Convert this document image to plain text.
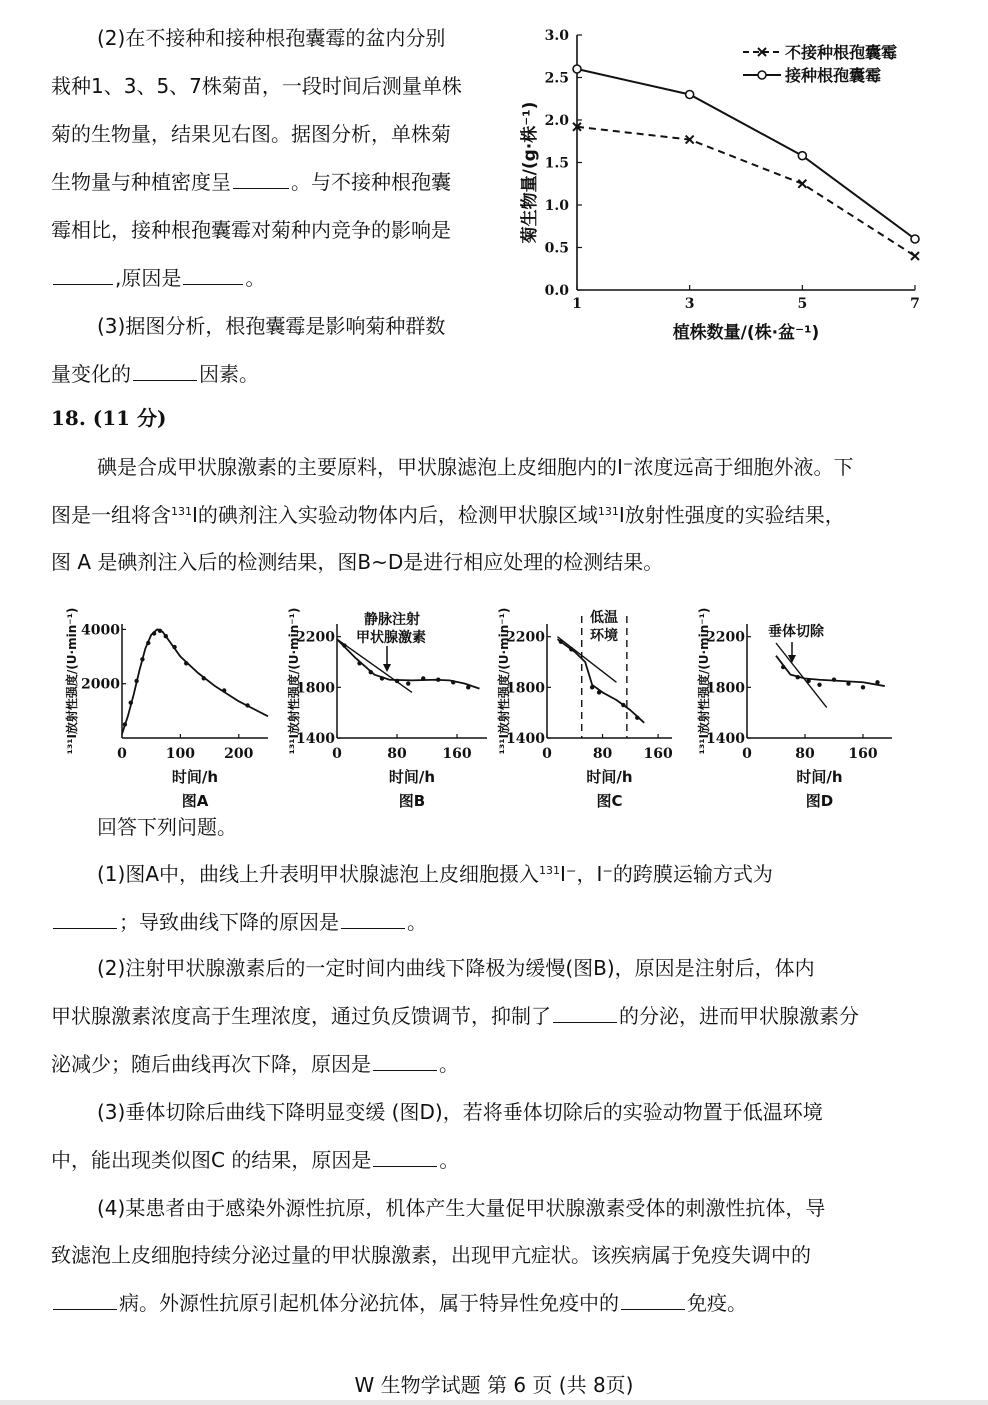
(2)在不接种和接种根孢囊霉的盆内分别
栽种1、3、5、7株菊苗，一段时间后测量单株
菊的生物量，结果见右图。据图分析，单株菊
生物量与种植密度呈	。与不接种根孢囊
霉相比，接种根孢囊霉对菊种内竞争的影响是
,原因是	。
(3)据图分析，根孢囊霉是影响菊种群数
量变化的	因素。
0.0
0.5
1.0
1.5
2.0
2.5
3.0
1	3	5	7
植株数量/(株·盆⁻¹)
菊生物量/(g·株⁻¹)
不接种根孢囊霉
接种根孢囊霉
18. (11 分)
碘是合成甲状腺激素的主要原料，甲状腺滤泡上皮细胞内的I⁻浓度远高于细胞外液。下
图是一组将含$^{131}$I的碘剂注入实验动物体内后，检测甲状腺区域$^{131}$I放射性强度的实验结果，
图 A 是碘剂注入后的检测结果，图B~D是进行相应处理的检测结果。
2000
4000
0	100 200
时间/h
图A
¹³¹I放射性强度/(U·min⁻¹)	1400
1800
2200
0	80	160
时间/h
图B
¹³¹I放射性强度/(U·min⁻¹)	静脉注射
甲状腺激素
1400
1800
2200
0	80 160
时间/h
图C
¹³¹I放射性强度/(U·min⁻¹)	低温
环境
1400
1800
2200
0	80 160
时间/h
图D
¹³¹I放射性强度/(U·min⁻¹)	垂体切除
回答下列问题。
(1)图A中，曲线上升表明甲状腺滤泡上皮细胞摄入$^{131}$I⁻，I⁻的跨膜运输方式为
；导致曲线下降的原因是	。
(2)注射甲状腺激素后的一定时间内曲线下降极为缓慢(图B)，原因是注射后，体内
甲状腺激素浓度高于生理浓度，通过负反馈调节，抑制了	的分泌，进而甲状腺激素分
泌减少；随后曲线再次下降，原因是	。
(3)垂体切除后曲线下降明显变缓 (图D)，若将垂体切除后的实验动物置于低温环境
中，能出现类似图C 的结果，原因是	。
(4)某患者由于感染外源性抗原，机体产生大量促甲状腺激素受体的刺激性抗体，导
致滤泡上皮细胞持续分泌过量的甲状腺激素，出现甲亢症状。该疾病属于免疫失调中的
病。外源性抗原引起机体分泌抗体，属于特异性免疫中的	免疫。
W 生物学试题 第 6 页 (共 8页)
